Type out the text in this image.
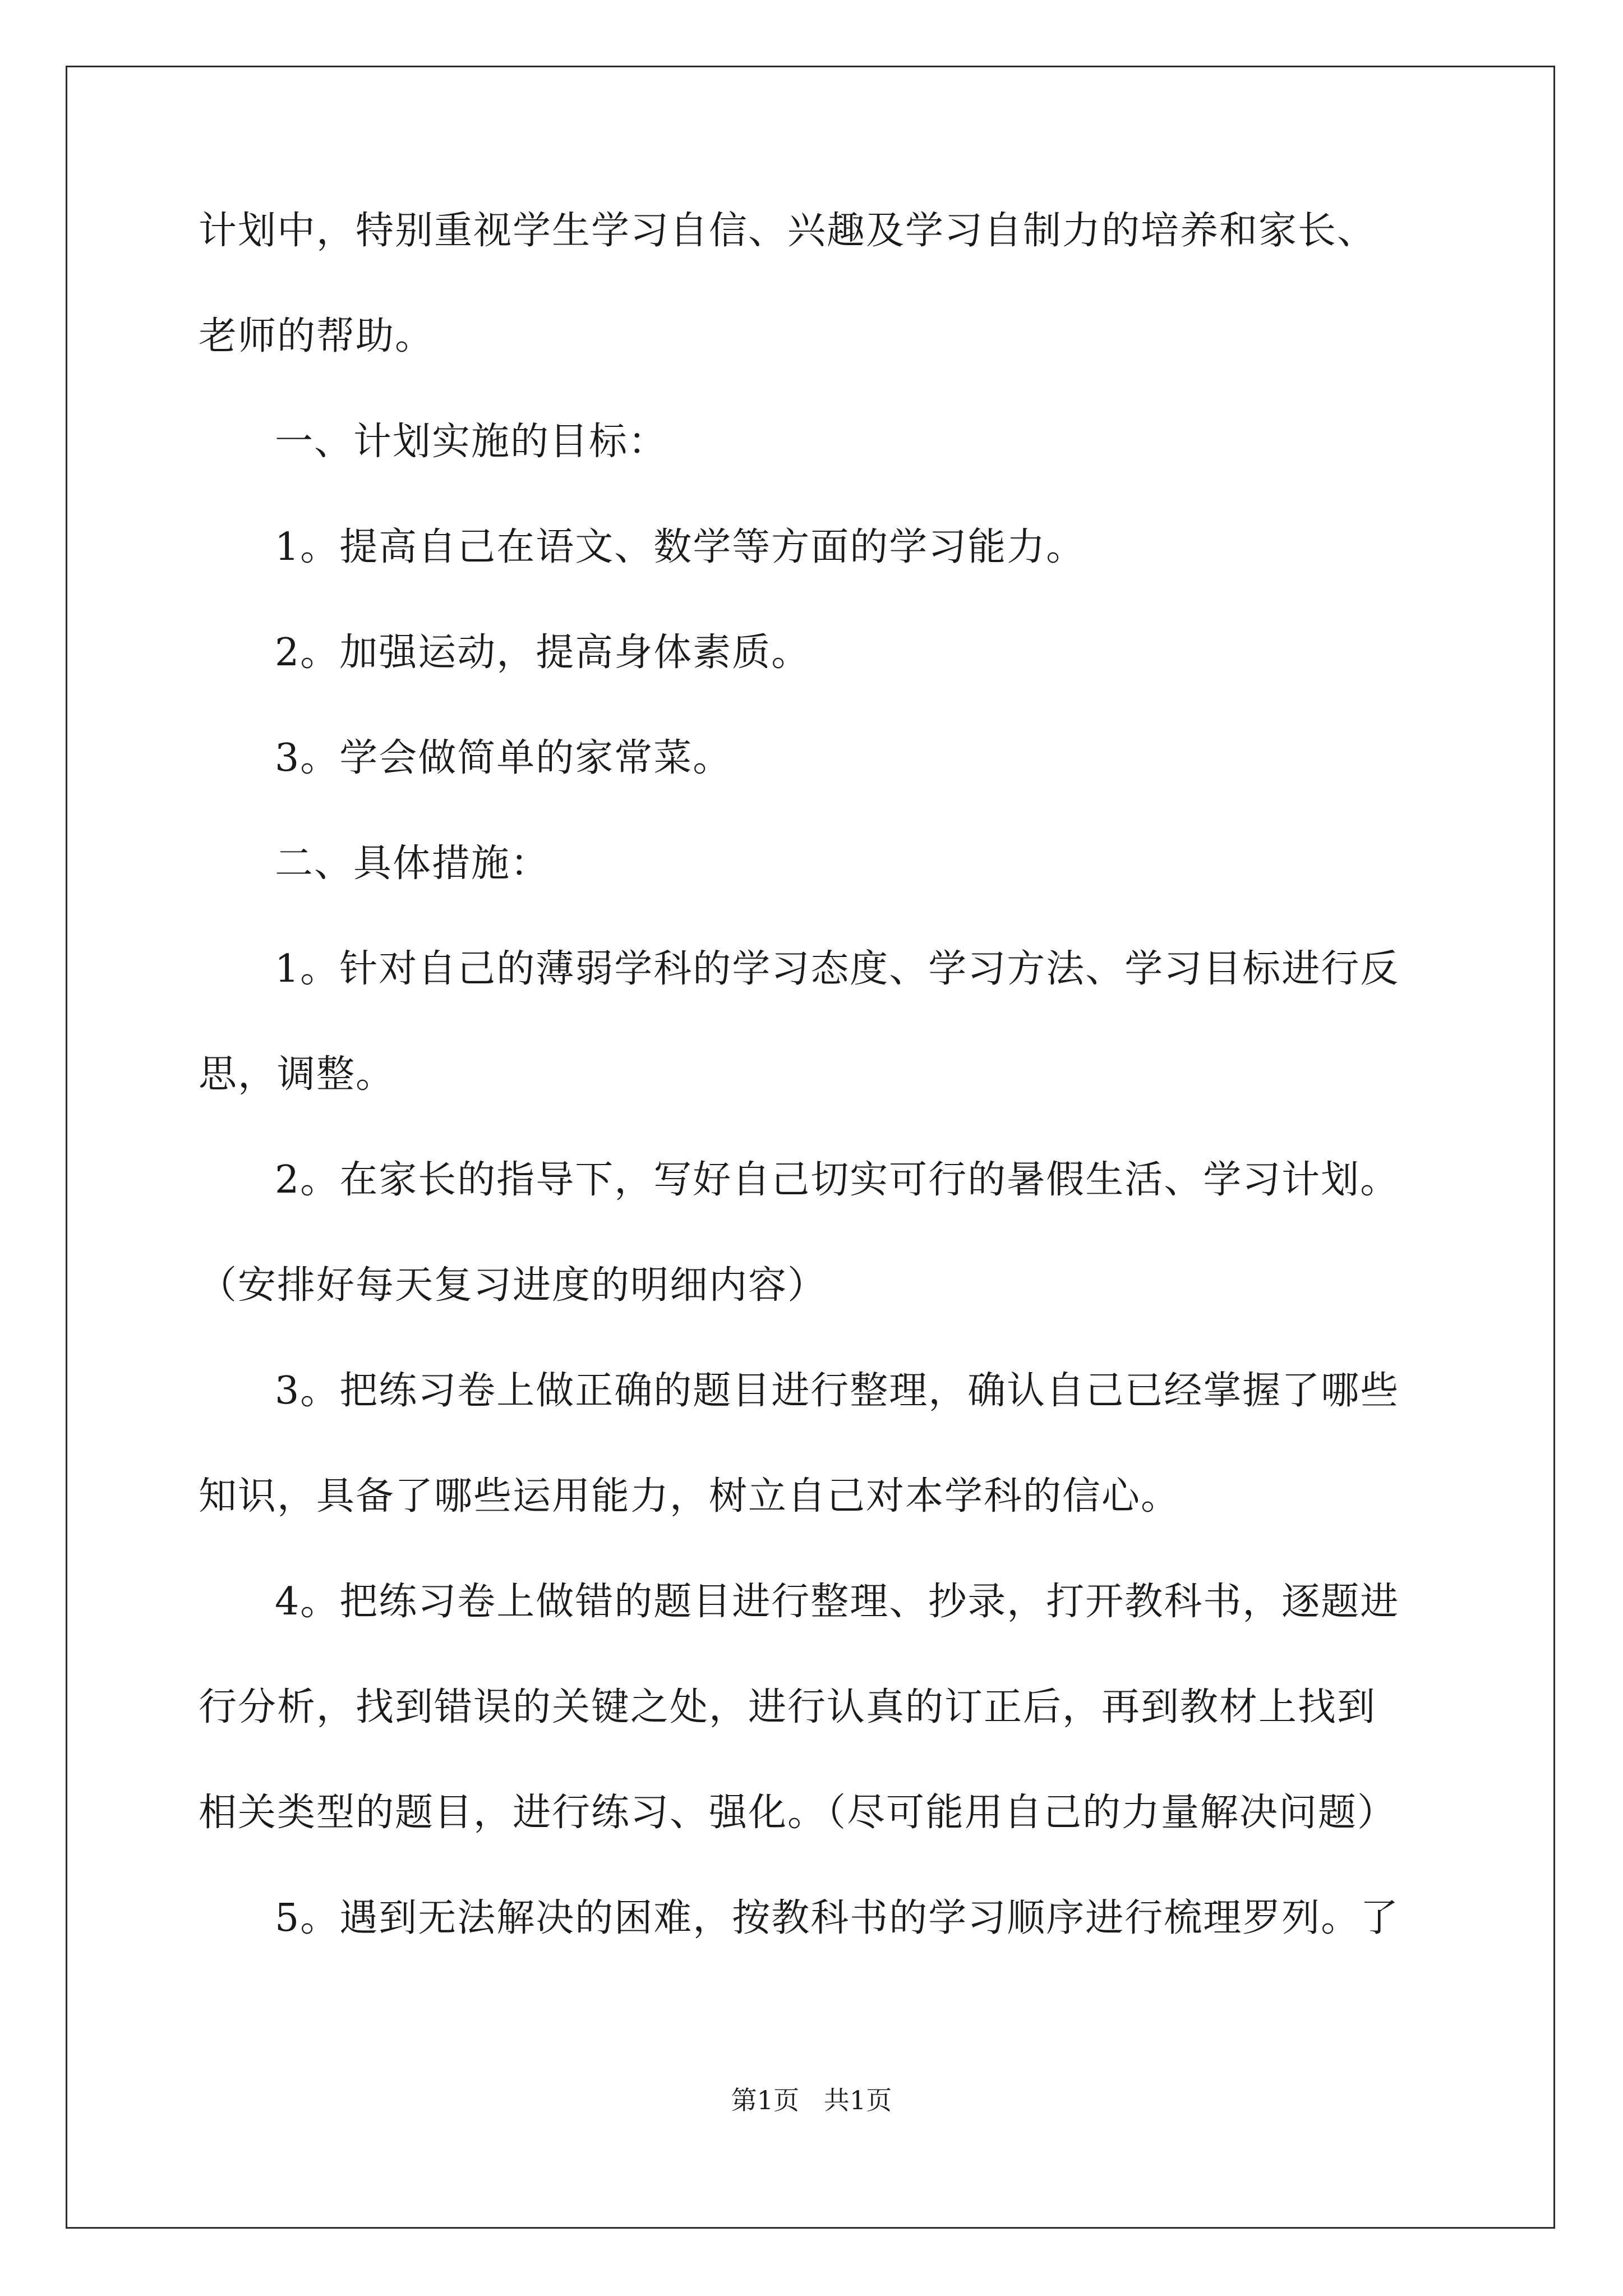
计划中，特别重视学生学习自信、兴趣及学习自制力的培养和家长、
老师的帮助。
一、计划实施的目标：
1。提高自己在语文、数学等方面的学习能力。
2。加强运动，提高身体素质。
3。学会做简单的家常菜。
二、具体措施：
1。针对自己的薄弱学科的学习态度、学习方法、学习目标进行反
思，调整。
2。在家长的指导下，写好自己切实可行的暑假生活、学习计划。
（安排好每天复习进度的明细内容）
3。把练习卷上做正确的题目进行整理，确认自己已经掌握了哪些
知识，具备了哪些运用能力，树立自己对本学科的信心。
4。把练习卷上做错的题目进行整理、抄录，打开教科书，逐题进
行分析，找到错误的关键之处，进行认真的订正后，再到教材上找到
相关类型的题目，进行练习、强化。（尽可能用自己的力量解决问题）
5。遇到无法解决的困难，按教科书的学习顺序进行梳理罗列。了
第1页   共1页
